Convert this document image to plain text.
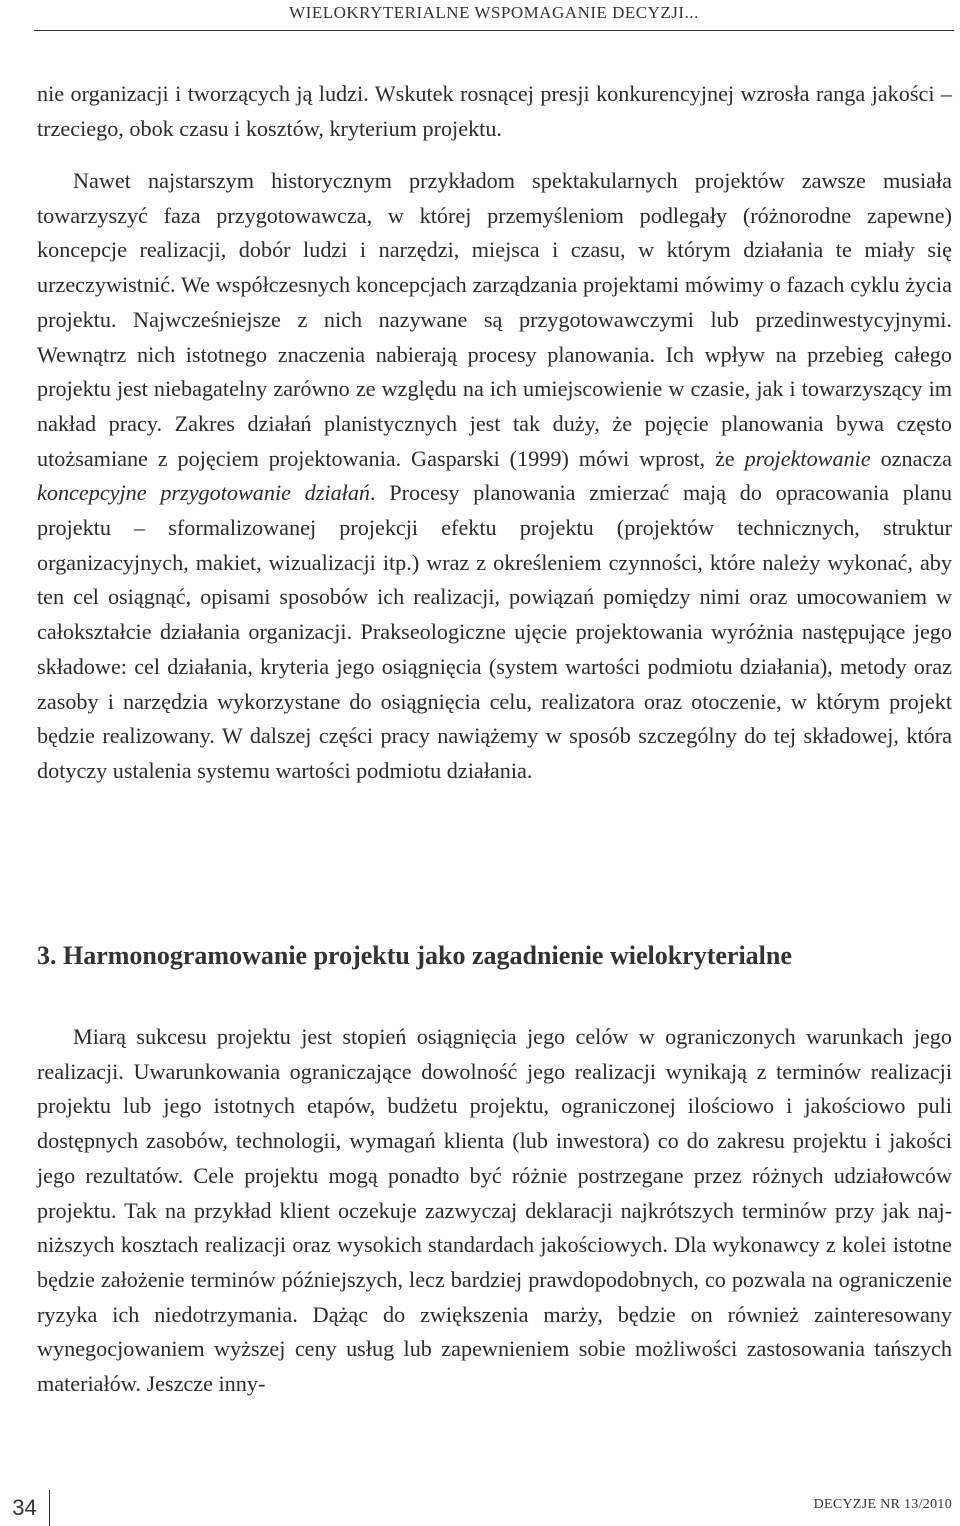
WIELOKRYTERIALNE WSPOMAGANIE DECYZJI...

nie organizacji i tworzących ją ludzi. Wskutek rosnącej presji konkurencyjnej wzrosła ranga jakości – trzeciego, obok czasu i kosztów, kryterium projektu.

Nawet najstarszym historycznym przykładom spektakularnych projektów zawsze musiała towarzyszyć faza przygotowawcza, w której przemyśleniom podlegały (różnorodne zapewne) koncepcje realizacji, dobór ludzi i narzędzi, miejsca i czasu, w którym działania te miały się urzeczywistnić. We współczesnych koncepcjach zarządzania projektami mówimy o fazach cyklu życia projektu. Najwcześniejsze z nich nazywane są przygotowawczymi lub przedinwestycyjnymi. Wewnątrz nich istotnego znaczenia nabierają procesy planowania. Ich wpływ na przebieg całego projektu jest niebagatelny zarówno ze względu na ich umiejscowienie w czasie, jak i towarzyszący im nakład pracy. Zakres działań planistycznych jest tak duży, że pojęcie planowania bywa często utożsamiane z pojęciem projektowania. Gasparski (1999) mówi wprost, że projektowanie oznacza koncepcyjne przygotowanie działań. Procesy planowania zmierzać mają do opracowania planu projektu – sformalizowanej projekcji efektu projektu (projektów technicznych, struktur organizacyjnych, makiet, wizualizacji itp.) wraz z określeniem czynności, które należy wykonać, aby ten cel osiągnąć, opisami sposobów ich realizacji, powiązań pomiędzy nimi oraz umocowaniem w całokształcie działania organizacji. Prakseologiczne ujęcie projektowania wyróżnia następujące jego składowe: cel działania, kryteria jego osiągnięcia (system wartości podmiotu działania), metody oraz zasoby i narzędzia wykorzystane do osiągnięcia celu, realizatora oraz otoczenie, w którym projekt będzie realizowany. W dalszej części pracy nawiążemy w sposób szczególny do tej składowej, która dotyczy ustalenia systemu wartości podmiotu działania.

3. Harmonogramowanie projektu jako zagadnienie wielokryterialne

Miarą sukcesu projektu jest stopień osiągnięcia jego celów w ograniczonych warunkach jego realizacji. Uwarunkowania ograniczające dowolność jego realizacji wynikają z terminów realizacji projektu lub jego istotnych etapów, budżetu projektu, ograniczonej ilościowo i jakościowo puli dostępnych zasobów, technologii, wymagań klienta (lub inwestora) co do zakresu projektu i jakości jego rezultatów. Cele projektu mogą ponadto być różnie postrzegane przez różnych udziałowców projektu. Tak na przykład klient oczekuje zazwyczaj deklaracji najkrótszych terminów przy jak najniższych kosztach realizacji oraz wysokich standardach jakościowych. Dla wykonawcy z kolei istotne będzie założenie terminów późniejszych, lecz bardziej prawdopodobnych, co pozwala na ograniczenie ryzyka ich niedotrzymania. Dążąc do zwiększenia marży, będzie on również zainteresowany wynegocjowaniem wyższej ceny usług lub zapewnieniem sobie możliwości zastosowania tańszych materiałów. Jeszcze inny-

34	DECYZJE NR 13/2010
